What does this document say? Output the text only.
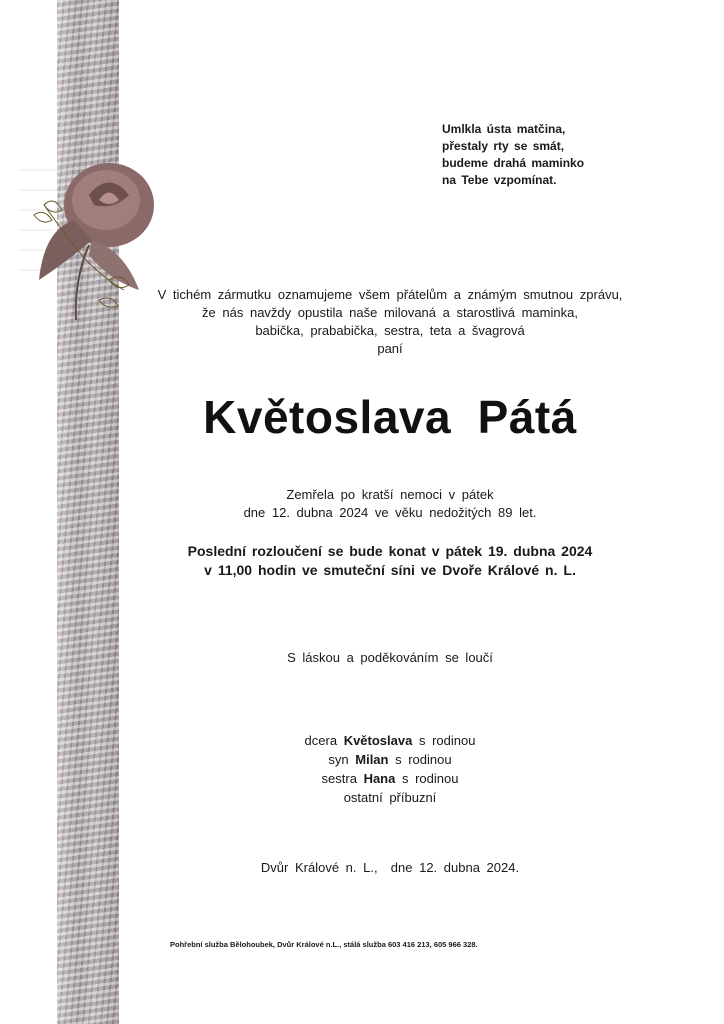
Umlkla ústa matčina,
přestaly rty se smát,
budeme drahá maminko
na Tebe vzpomínat.
V tichém zármutku oznamujeme všem přátelům a známým smutnou zprávu,
že nás navždy opustila naše milovaná a starostlivá maminka,
babička, prababička, sestra, teta a švagrová
paní
Květoslava  Pátá
Zemřela po kratší nemoci v pátek
dne 12. dubna 2024 ve věku nedožitých 89 let.
Poslední rozloučení se bude konat v pátek 19. dubna 2024
v 11,00 hodin ve smuteční síni ve Dvoře Králové n. L.
S láskou a poděkováním se loučí
dcera Květoslava s rodinou
syn Milan s rodinou
sestra Hana s rodinou
ostatní příbuzní
Dvůr Králové n. L.,  dne 12. dubna 2024.
Pohřební služba Bělohoubek, Dvůr Králové n.L., stálá služba 603 416 213, 605 966 328.
